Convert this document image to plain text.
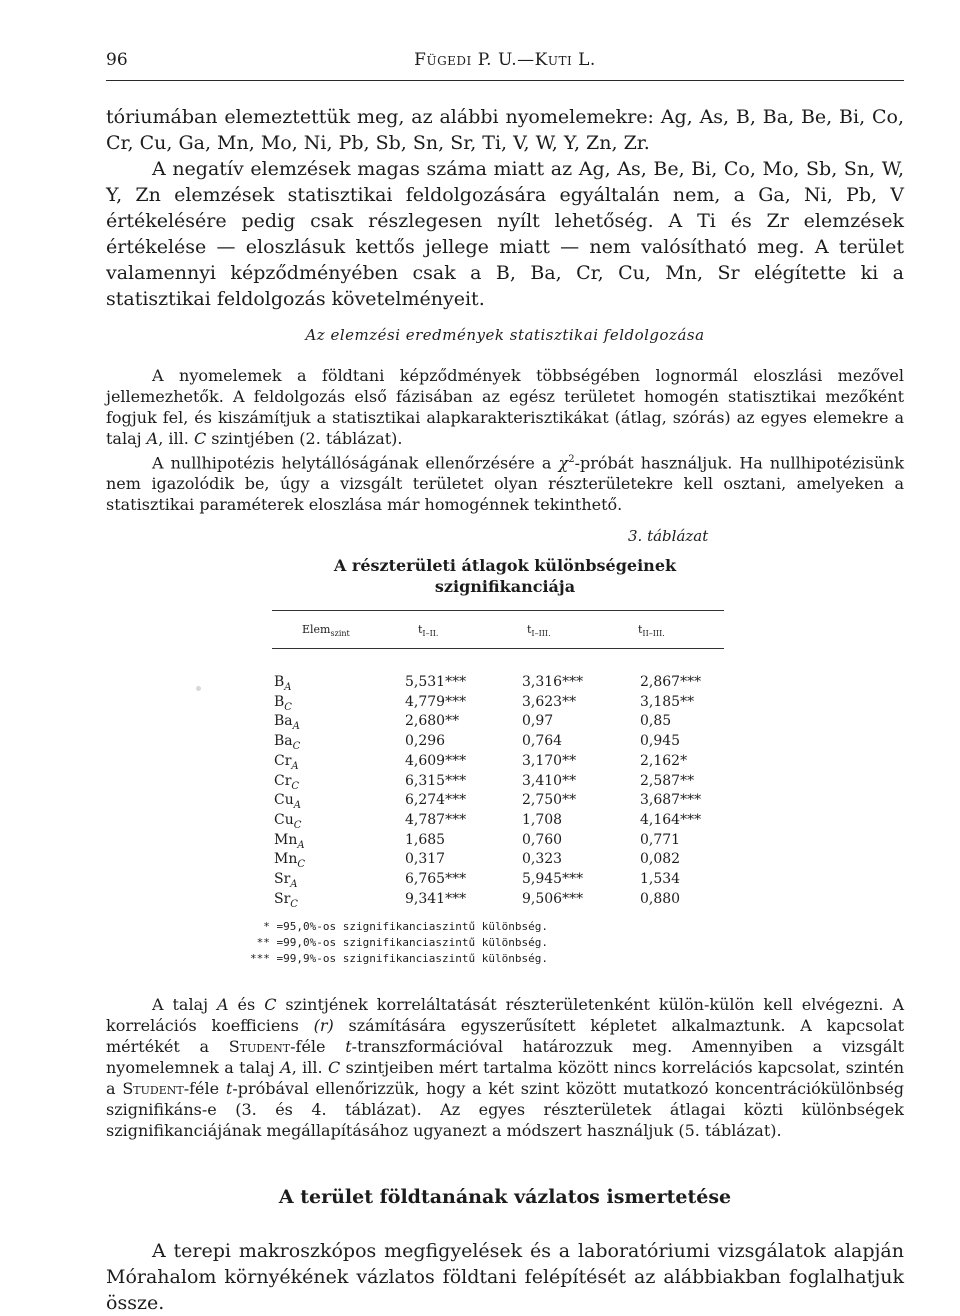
96	Fügedi P. U.—Kuti L.

tóriumában elemeztettük meg, az alábbi nyomelemekre: Ag, As, B, Ba, Be, Bi, Co, Cr, Cu, Ga, Mn, Mo, Ni, Pb, Sb, Sn, Sr, Ti, V, W, Y, Zn, Zr.

A negatív elemzések magas száma miatt az Ag, As, Be, Bi, Co, Mo, Sb, Sn, W, Y, Zn elemzések statisztikai feldolgozására egyáltalán nem, a Ga, Ni, Pb, V értékelésére pedig csak részlegesen nyílt lehetőség. A Ti és Zr elemzések értékelése — eloszlásuk kettős jellege miatt — nem valósítható meg. A terület valamennyi képződményében csak a B, Ba, Cr, Cu, Mn, Sr elégítette ki a statisztikai feldolgozás követelményeit.

Az elemzési eredmények statisztikai feldolgozása

A nyomelemek a földtani képződmények többségében lognormál eloszlási mezővel jellemezhetők. A feldolgozás első fázisában az egész területet homogén statisztikai mezőként fogjuk fel, és kiszámítjuk a statisztikai alapkarakterisztikákat (átlag, szórás) az egyes elemekre a talaj A, ill. C szintjében (2. táblázat).

A nullhipotézis helytállóságának ellenőrzésére a $\chi^2$-próbát használjuk. Ha nullhipotézisünk nem igazolódik be, úgy a vizsgált területet olyan részterületekre kell osztani, amelyeken a statisztikai paraméterek eloszlása már homogénnek tekinthető.

3. táblázat
A részterületi átlagok különbségeinek
szignifikanciája
Elem$_{szint}$	$t_{I-II.}$	$t_{I-III.}$	$t_{II-III.}$
$B_A$	5,531***	3,316***	2,867***
$B_C$	4,779***	3,623**	3,185**
$Ba_A$	2,680**	0,97	0,85
$Ba_C$	0,296	0,764	0,945
$Cr_A$	4,609***	3,170**	2,162*
$Cr_C$	6,315***	3,410**	2,587**
$Cu_A$	6,274***	2,750**	3,687***
$Cu_C$	4,787***	1,708	4,164***
$Mn_A$	1,685	0,760	0,771
$Mn_C$	0,317	0,323	0,082
$Sr_A$	6,765***	5,945***	1,534
$Sr_C$	9,341***	9,506***	0,880
* =95,0%-os szignifikanciaszintű különbség.
** =99,0%-os szignifikanciaszintű különbség.
*** =99,9%-os szignifikanciaszintű különbség.

A talaj A és C szintjének korreláltatását részterületenként külön-külön kell elvégezni. A korrelációs koefficiens (r) számítására egyszerűsített képletet alkalmaztunk. A kapcsolat mértékét a Student-féle t-transzformációval határozzuk meg. Amennyiben a vizsgált nyomelemnek a talaj A, ill. C szintjeiben mért tartalma között nincs korrelációs kapcsolat, szintén a Student-féle t-próbával ellenőrizzük, hogy a két szint között mutatkozó koncentrációkülönbség szignifikáns-e (3. és 4. táblázat). Az egyes részterületek átlagai közti különbségek szignifikanciájának megállapításához ugyanezt a módszert használjuk (5. táblázat).

A terület földtanának vázlatos ismertetése

A terepi makroszkópos megfigyelések és a laboratóriumi vizsgálatok alapján Mórahalom környékének vázlatos földtani felépítését az alábbiakban foglalhatjuk össze.
